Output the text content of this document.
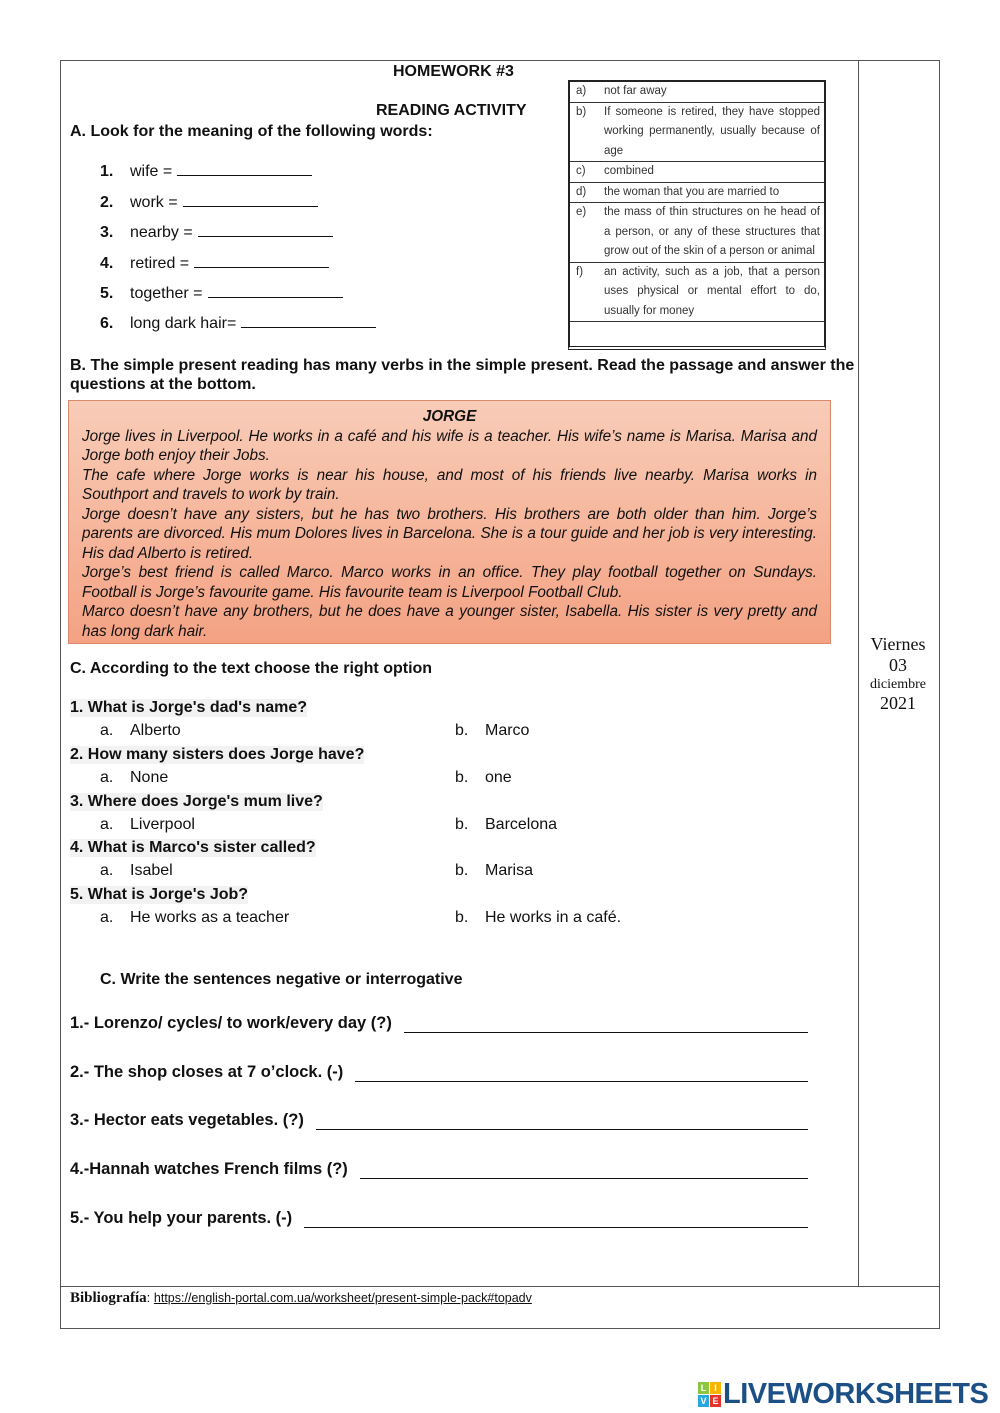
HOMEWORK #3
READING ACTIVITY
A. Look for the meaning of the following words:
a)	not far away
b)	If someone is retired, they have stopped working permanently, usually because of age
c)	combined
d)	the woman that you are married to
e)	the mass of thin structures on he head of a person, or any of these structures that grow out of the skin of a person or animal
f)	an activity, such as a job, that a person uses physical or mental effort to do, usually for money
B. The simple present reading has many verbs in the simple present. Read the passage and answer the questions at the bottom.
JORGE
Jorge lives in Liverpool. He works in a café and his wife is a teacher. His wife’s name is Marisa. Marisa and Jorge both enjoy their Jobs.
The cafe where Jorge works is near his house, and most of his friends live nearby. Marisa works in Southport and travels to work by train.
Jorge doesn’t have any sisters, but he has two brothers. His brothers are both older than him. Jorge’s parents are divorced. His mum Dolores lives in Barcelona. She is a tour guide and her job is very interesting. His dad Alberto is retired.
Jorge’s best friend is called Marco. Marco works in an office. They play football together on Sundays. Football is Jorge’s favourite game. His favourite team is Liverpool Football Club.
Marco doesn’t have any brothers, but he does have a younger sister, Isabella. His sister is very pretty and has long dark hair.
C. According to the text choose the right option
C. Write the sentences negative or interrogative
Viernes
03
diciembre
2021
Bibliografía: https://english-portal.com.ua/worksheet/present-simple-pack#topadv
L I
V E LIVEWORKSHEETS
1. wife =
2. work =
3. nearby =
4. retired =
5. together =
6. long dark hair=
1. What is Jorge's dad's name?
a. Alberto	b. Marco
2. How many sisters does Jorge have?
a. None	b. one
3. Where does Jorge's mum live?
a. Liverpool	b. Barcelona
4. What is Marco's sister called?
a. Isabel	b. Marisa
5. What is Jorge's Job?
a. He works as a teacher	b. He works in a café.
1.- Lorenzo/ cycles/ to work/every day (?)
2.- The shop closes at 7 o’clock. (-)
3.- Hector eats vegetables. (?)
4.-Hannah watches French films (?)
5.- You help your parents. (-)
